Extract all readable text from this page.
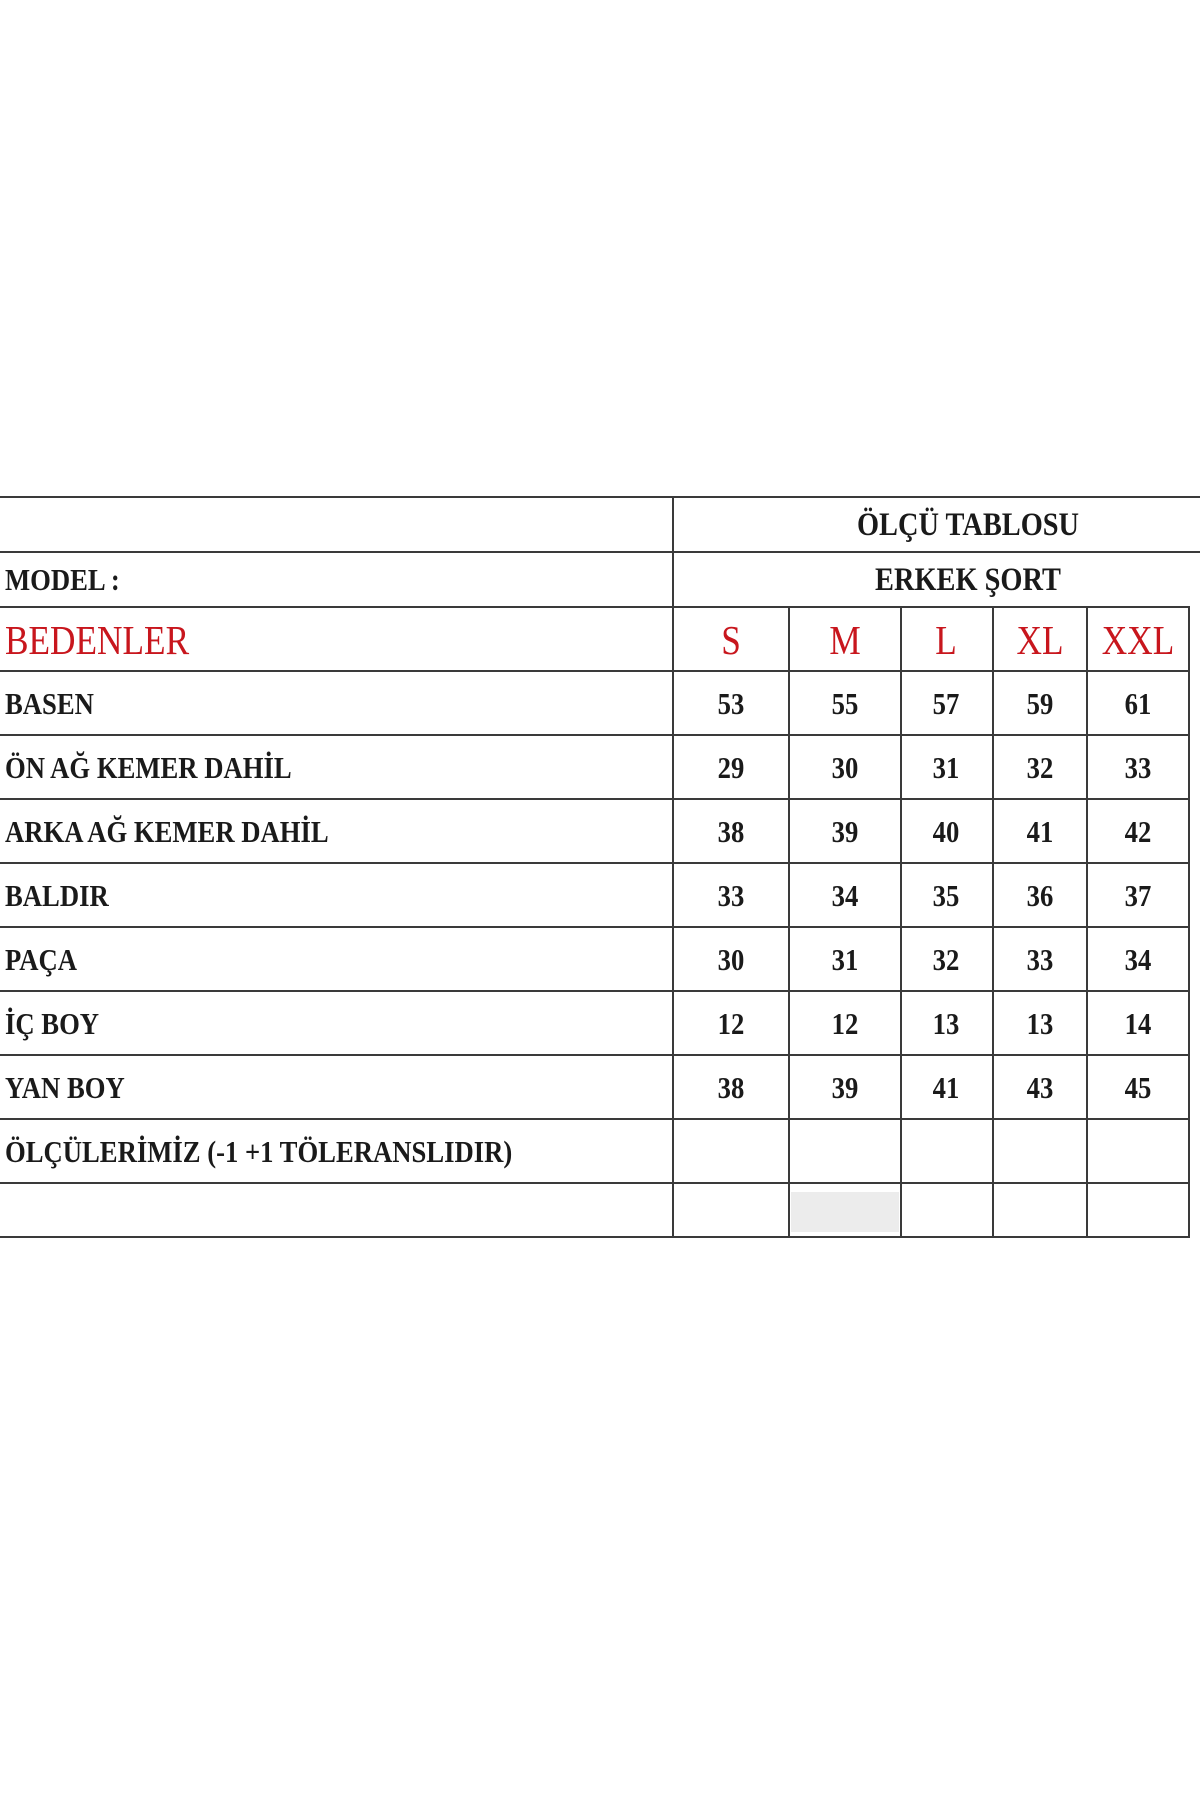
ÖLÇÜ TABLOSU
MODEL :	ERKEK ŞORT
BEDENLER	S M L XL XXL
BASEN	53	55 57 59 61
ÖN AĞ KEMER DAHİL	29	30 31 32 33
ARKA AĞ KEMER DAHİL	38	39 40 41 42
BALDIR	33	34 35 36 37
PAÇA	30	31 32 33 34
İÇ BOY	12	12 13 13 14
YAN BOY	38	39 41 43 45
ÖLÇÜLERİMİZ (-1 +1 TÖLERANSLIDIR)
